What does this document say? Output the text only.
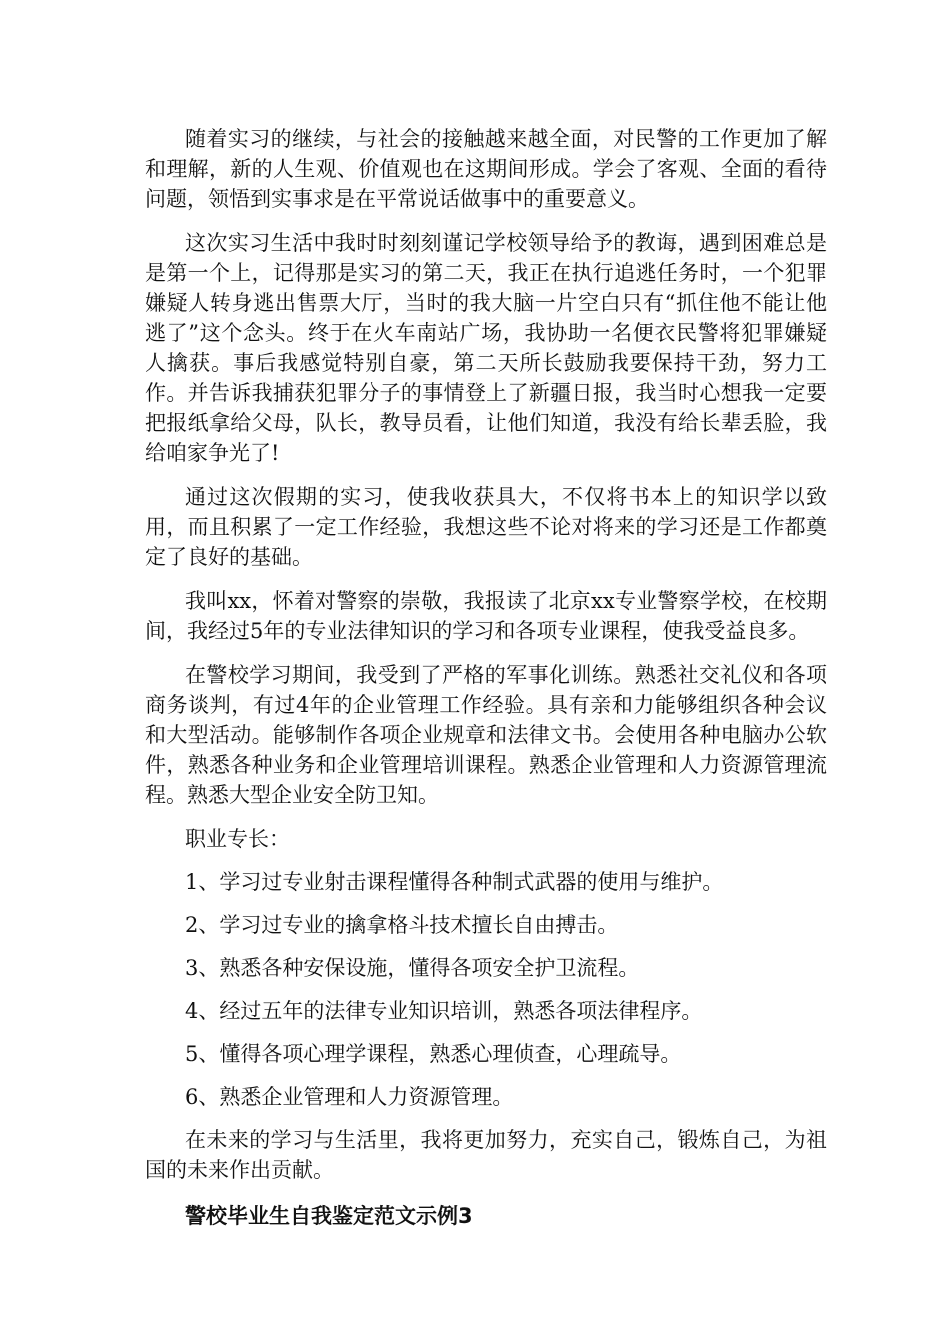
随着实习的继续，与社会的接触越来越全面，对民警的工作更加了解和理解，新的人生观、价值观也在这期间形成。学会了客观、全面的看待问题，领悟到实事求是在平常说话做事中的重要意义。

这次实习生活中我时时刻刻谨记学校领导给予的教诲，遇到困难总是是第一个上，记得那是实习的第二天，我正在执行追逃任务时，一个犯罪嫌疑人转身逃出售票大厅，当时的我大脑一片空白只有“抓住他不能让他逃了”这个念头。终于在火车南站广场，我协助一名便衣民警将犯罪嫌疑人擒获。事后我感觉特别自豪，第二天所长鼓励我要保持干劲，努力工作。并告诉我捕获犯罪分子的事情登上了新疆日报，我当时心想我一定要把报纸拿给父母，队长，教导员看，让他们知道，我没有给长辈丢脸，我给咱家争光了!

通过这次假期的实习，使我收获具大，不仅将书本上的知识学以致用，而且积累了一定工作经验，我想这些不论对将来的学习还是工作都奠定了良好的基础。

我叫xx，怀着对警察的崇敬，我报读了北京xx专业警察学校，在校期间，我经过5年的专业法律知识的学习和各项专业课程，使我受益良多。

在警校学习期间，我受到了严格的军事化训练。熟悉社交礼仪和各项商务谈判，有过4年的企业管理工作经验。具有亲和力能够组织各种会议和大型活动。能够制作各项企业规章和法律文书。会使用各种电脑办公软件，熟悉各种业务和企业管理培训课程。熟悉企业管理和人力资源管理流程。熟悉大型企业安全防卫知。

职业专长：

1、学习过专业射击课程懂得各种制式武器的使用与维护。

2、学习过专业的擒拿格斗技术擅长自由搏击。

3、熟悉各种安保设施，懂得各项安全护卫流程。

4、经过五年的法律专业知识培训，熟悉各项法律程序。

5、懂得各项心理学课程，熟悉心理侦查，心理疏导。

6、熟悉企业管理和人力资源管理。

在未来的学习与生活里，我将更加努力，充实自己，锻炼自己，为祖国的未来作出贡献。

警校毕业生自我鉴定范文示例3
